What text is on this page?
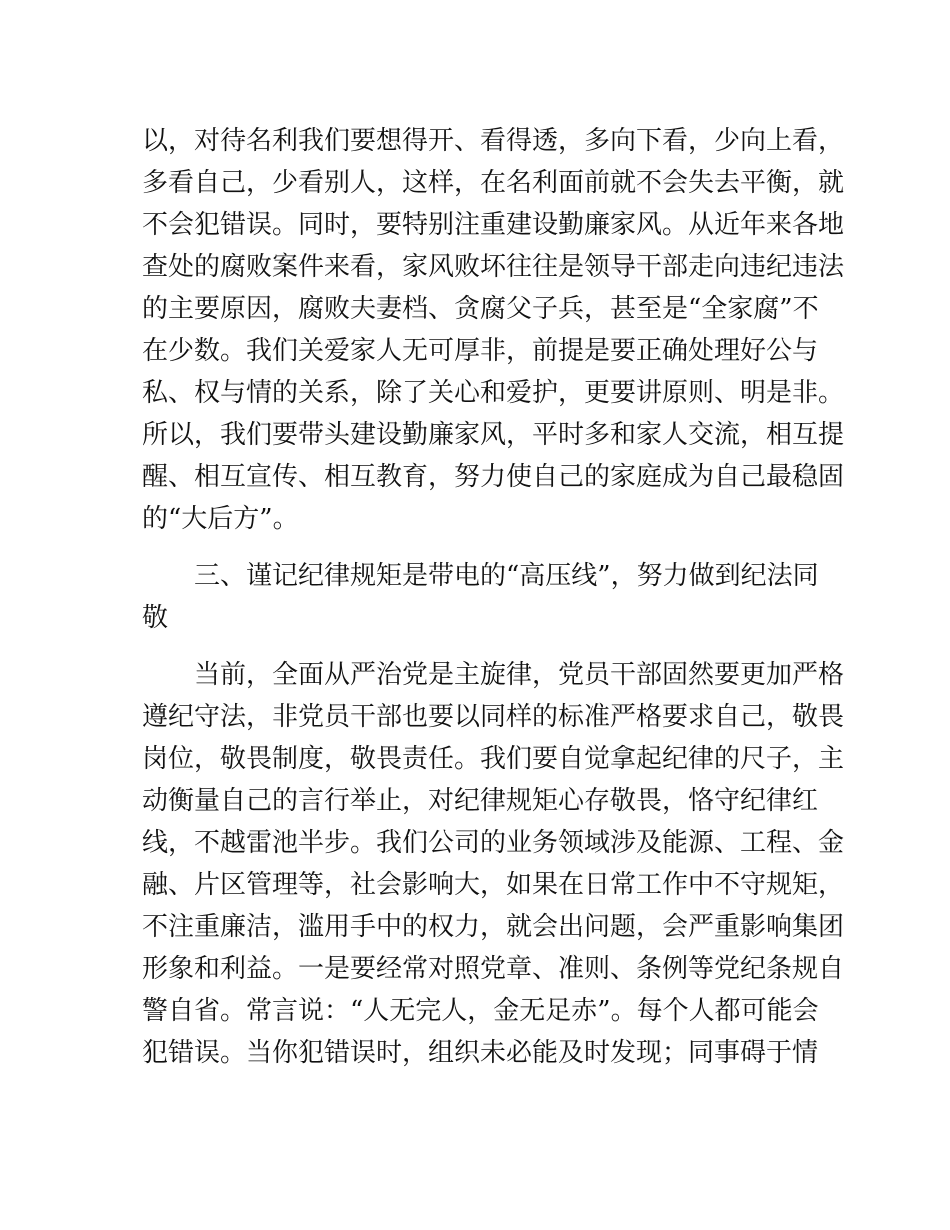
以，对待名利我们要想得开、看得透，多向下看，少向上看，
多看自己，少看别人，这样，在名利面前就不会失去平衡，就
不会犯错误。同时，要特别注重建设勤廉家风。从近年来各地
查处的腐败案件来看，家风败坏往往是领导干部走向违纪违法
的主要原因，腐败夫妻档、贪腐父子兵，甚至是“全家腐”不
在少数。我们关爱家人无可厚非，前提是要正确处理好公与
私、权与情的关系，除了关心和爱护，更要讲原则、明是非。
所以，我们要带头建设勤廉家风，平时多和家人交流，相互提
醒、相互宣传、相互教育，努力使自己的家庭成为自己最稳固
的“大后方”。
三、谨记纪律规矩是带电的“高压线”，努力做到纪法同
敬
当前，全面从严治党是主旋律，党员干部固然要更加严格
遵纪守法，非党员干部也要以同样的标准严格要求自己，敬畏
岗位，敬畏制度，敬畏责任。我们要自觉拿起纪律的尺子，主
动衡量自己的言行举止，对纪律规矩心存敬畏，恪守纪律红
线，不越雷池半步。我们公司的业务领域涉及能源、工程、金
融、片区管理等，社会影响大，如果在日常工作中不守规矩，
不注重廉洁，滥用手中的权力，就会出问题，会严重影响集团
形象和利益。一是要经常对照党章、准则、条例等党纪条规自
警自省。常言说：“人无完人，金无足赤”。每个人都可能会
犯错误。当你犯错误时，组织未必能及时发现；同事碍于情
